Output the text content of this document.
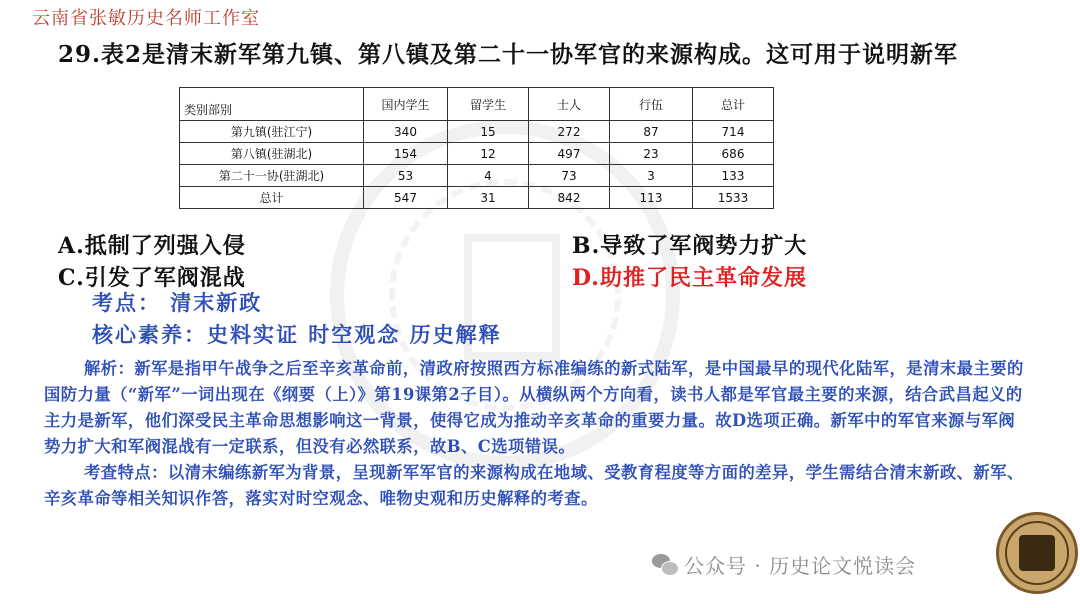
云南省张敏历史名师工作室
29.表2是清末新军第九镇、第八镇及第二十一协军官的来源构成。这可用于说明新军
类别部别	国内学生	留学生	士人	行伍	总计
第九镇(驻江宁)	340	15	272	87	714
第八镇(驻湖北)	154	12	497	23	686
第二十一协(驻湖北)	53	4	73	3	133
总计	547	31	842	113	1533
A.抵制了列强入侵	B.导致了军阀势力扩大
C.引发了军阀混战	D.助推了民主革命发展
考点： 清末新政
核心素养：史料实证 时空观念 历史解释

解析：新军是指甲午战争之后至辛亥革命前，清政府按照西方标准编练的新式陆军，是中国最早的现代化陆军，是清末最主要的国防力量（“新军”一词出现在《纲要（上）》第19课第2子目）。从横纵两个方向看，读书人都是军官最主要的来源，结合武昌起义的主力是新军，他们深受民主革命思想影响这一背景，使得它成为推动辛亥革命的重要力量。故D选项正确。新军中的军官来源与军阀势力扩大和军阀混战有一定联系，但没有必然联系，故B、C选项错误。

考查特点：以清末编练新军为背景，呈现新军军官的来源构成在地域、受教育程度等方面的差异，学生需结合清末新政、新军、辛亥革命等相关知识作答，落实对时空观念、唯物史观和历史解释的考查。

公众号 · 历史论文悦读会
